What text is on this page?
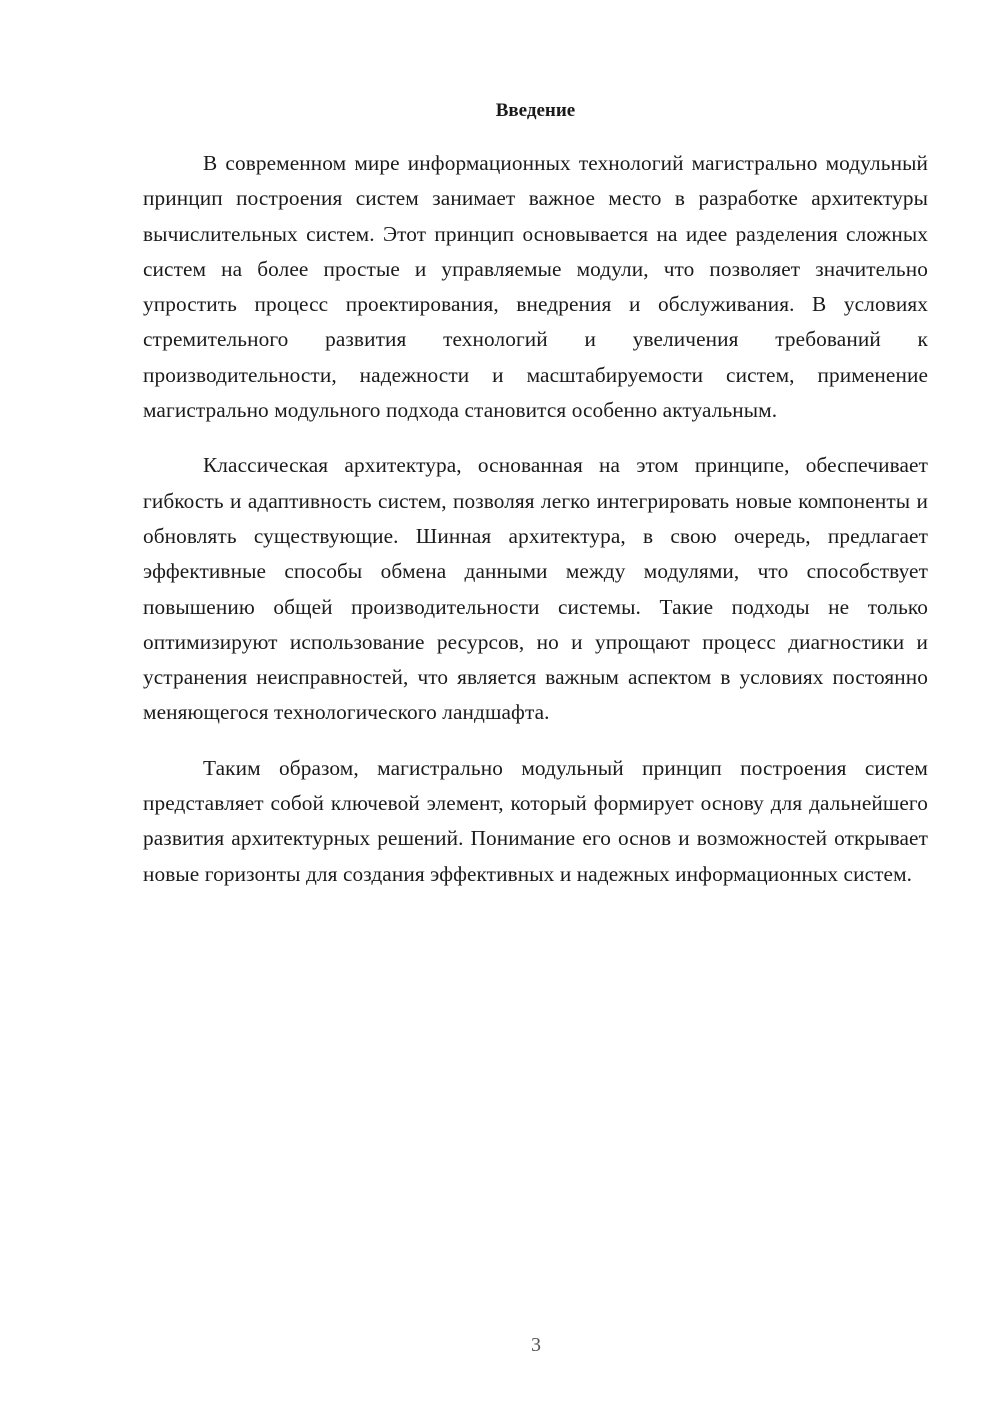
Введение

В современном мире информационных технологий магистрально модульный принцип построения систем занимает важное место в разработке архитектуры вычислительных систем. Этот принцип основывается на идее разделения сложных систем на более простые и управляемые модули, что позволяет значительно упростить процесс проектирования, внедрения и обслуживания. В условиях стремительного развития технологий и увеличения требований к производительности, надежности и масштабируемости систем, применение магистрально модульного подхода становится особенно актуальным.

Классическая архитектура, основанная на этом принципе, обеспечивает гибкость и адаптивность систем, позволяя легко интегрировать новые компоненты и обновлять существующие. Шинная архитектура, в свою очередь, предлагает эффективные способы обмена данными между модулями, что способствует повышению общей производительности системы. Такие подходы не только оптимизируют использование ресурсов, но и упрощают процесс диагностики и устранения неисправностей, что является важным аспектом в условиях постоянно меняющегося технологического ландшафта.

Таким образом, магистрально модульный принцип построения систем представляет собой ключевой элемент, который формирует основу для дальнейшего развития архитектурных решений. Понимание его основ и возможностей открывает новые горизонты для создания эффективных и надежных информационных систем.

3
